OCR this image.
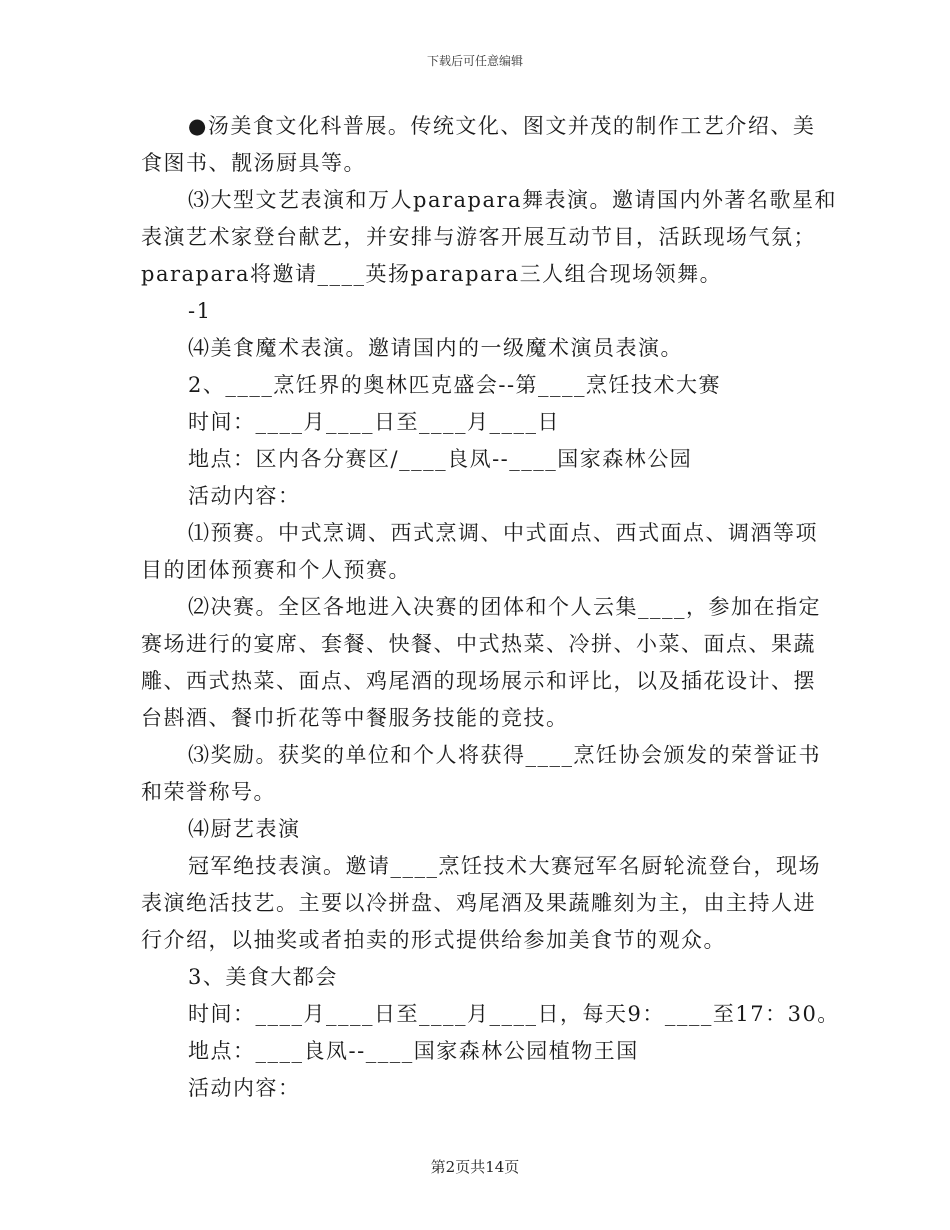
下载后可任意编辑
●汤美食文化科普展。传统文化、图文并茂的制作工艺介绍、美
食图书、靓汤厨具等。
⑶大型文艺表演和万人parapara舞表演。邀请国内外著名歌星和
表演艺术家登台献艺，并安排与游客开展互动节目，活跃现场气氛；
parapara将邀请____英扬parapara三人组合现场领舞。
-1
⑷美食魔术表演。邀请国内的一级魔术演员表演。
2、____烹饪界的奥林匹克盛会--第____烹饪技术大赛
时间：____月____日至____月____日
地点：区内各分赛区/____良凤--____国家森林公园
活动内容：
⑴预赛。中式烹调、西式烹调、中式面点、西式面点、调酒等项
目的团体预赛和个人预赛。
⑵决赛。全区各地进入决赛的团体和个人云集____，参加在指定
赛场进行的宴席、套餐、快餐、中式热菜、冷拼、小菜、面点、果蔬
雕、西式热菜、面点、鸡尾酒的现场展示和评比，以及插花设计、摆
台斟酒、餐巾折花等中餐服务技能的竞技。
⑶奖励。获奖的单位和个人将获得____烹饪协会颁发的荣誉证书
和荣誉称号。
⑷厨艺表演
冠军绝技表演。邀请____烹饪技术大赛冠军名厨轮流登台，现场
表演绝活技艺。主要以冷拼盘、鸡尾酒及果蔬雕刻为主，由主持人进
行介绍，以抽奖或者拍卖的形式提供给参加美食节的观众。
3、美食大都会
时间：____月____日至____月____日，每天9：____至17：30。
地点：____良凤--____国家森林公园植物王国
活动内容：
第2页共14页
